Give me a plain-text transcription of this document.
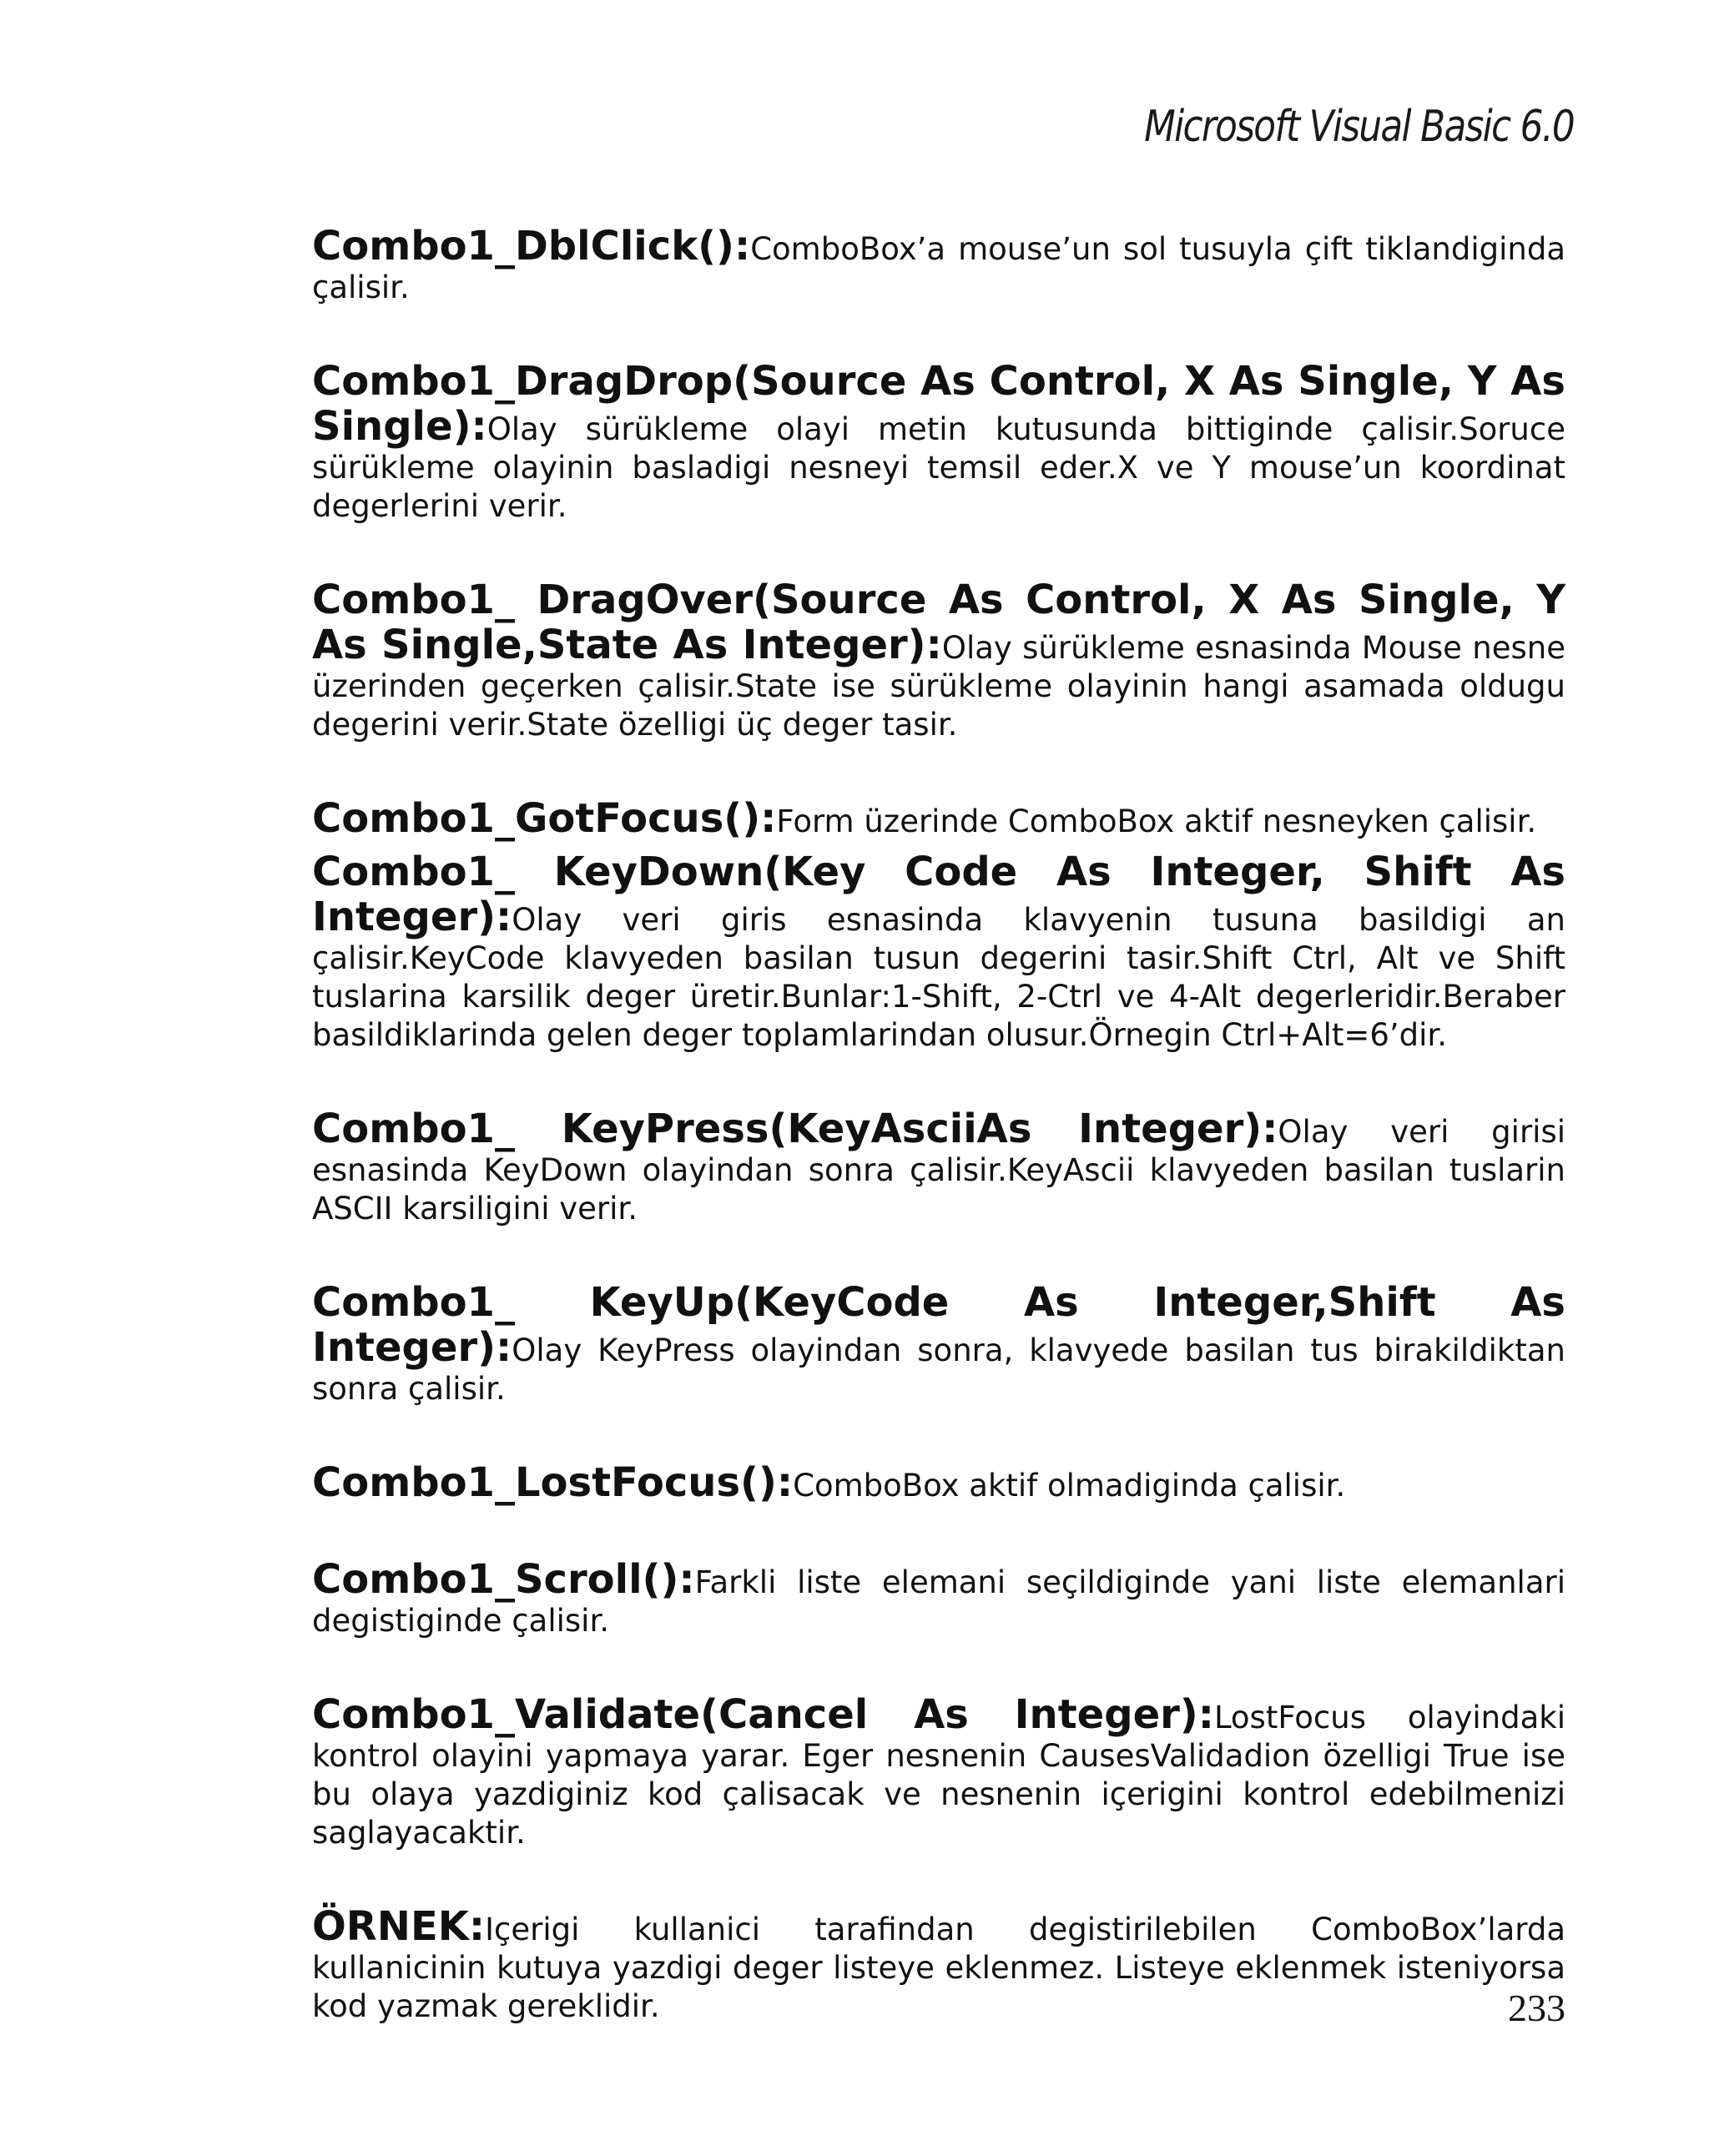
Microsoft Visual Basic 6.0

Combo1_DblClick():ComboBox’a mouse’un sol tusuyla çift tiklandiginda çalisir.

Combo1_DragDrop(Source As Control, X As Single, Y As Single):Olay sürükleme olayi metin kutusunda bittiginde çalisir.Soruce sürükleme olayinin basladigi nesneyi temsil eder.X ve Y mouse’un koordinat degerlerini verir.

Combo1_ DragOver(Source As Control, X As Single, Y As Single,State As Integer):Olay sürükleme esnasinda Mouse nesne üzerinden geçerken çalisir.State ise sürükleme olayinin hangi asamada oldugu degerini verir.State özelligi üç deger tasir.

Combo1_GotFocus():Form üzerinde ComboBox aktif nesneyken çalisir.

Combo1_ KeyDown(Key Code As Integer, Shift As Integer):Olay veri giris esnasinda klavyenin tusuna basildigi an çalisir.KeyCode klavyeden basilan tusun degerini tasir.Shift Ctrl, Alt ve Shift tuslarina karsilik deger üretir.Bunlar:1-Shift, 2-Ctrl ve 4-Alt degerleridir.Beraber basildiklarinda gelen deger toplamlarindan olusur.Örnegin Ctrl+Alt=6’dir.

Combo1_ KeyPress(KeyAsciiAs Integer):Olay veri girisi esnasinda KeyDown olayindan sonra çalisir.KeyAscii klavyeden basilan tuslarin ASCII karsiligini verir.

Combo1_ KeyUp(KeyCode As Integer,Shift As Integer):Olay KeyPress olayindan sonra, klavyede basilan tus birakildiktan sonra çalisir.

Combo1_LostFocus():ComboBox aktif olmadiginda çalisir.

Combo1_Scroll():Farkli liste elemani seçildiginde yani liste elemanlari degistiginde çalisir.

Combo1_Validate(Cancel As Integer):LostFocus olayindaki kontrol olayini yapmaya yarar. Eger nesnenin CausesValidadion özelligi True ise bu olaya yazdiginiz kod çalisacak ve nesnenin içerigini kontrol edebilmenizi saglayacaktir.

ÖRNEK:Içerigi kullanici tarafindan degistirilebilen ComboBox’larda kullanicinin kutuya yazdigi deger listeye eklenmez. Listeye eklenmek isteniyorsa kod yazmak gereklidir.	233
